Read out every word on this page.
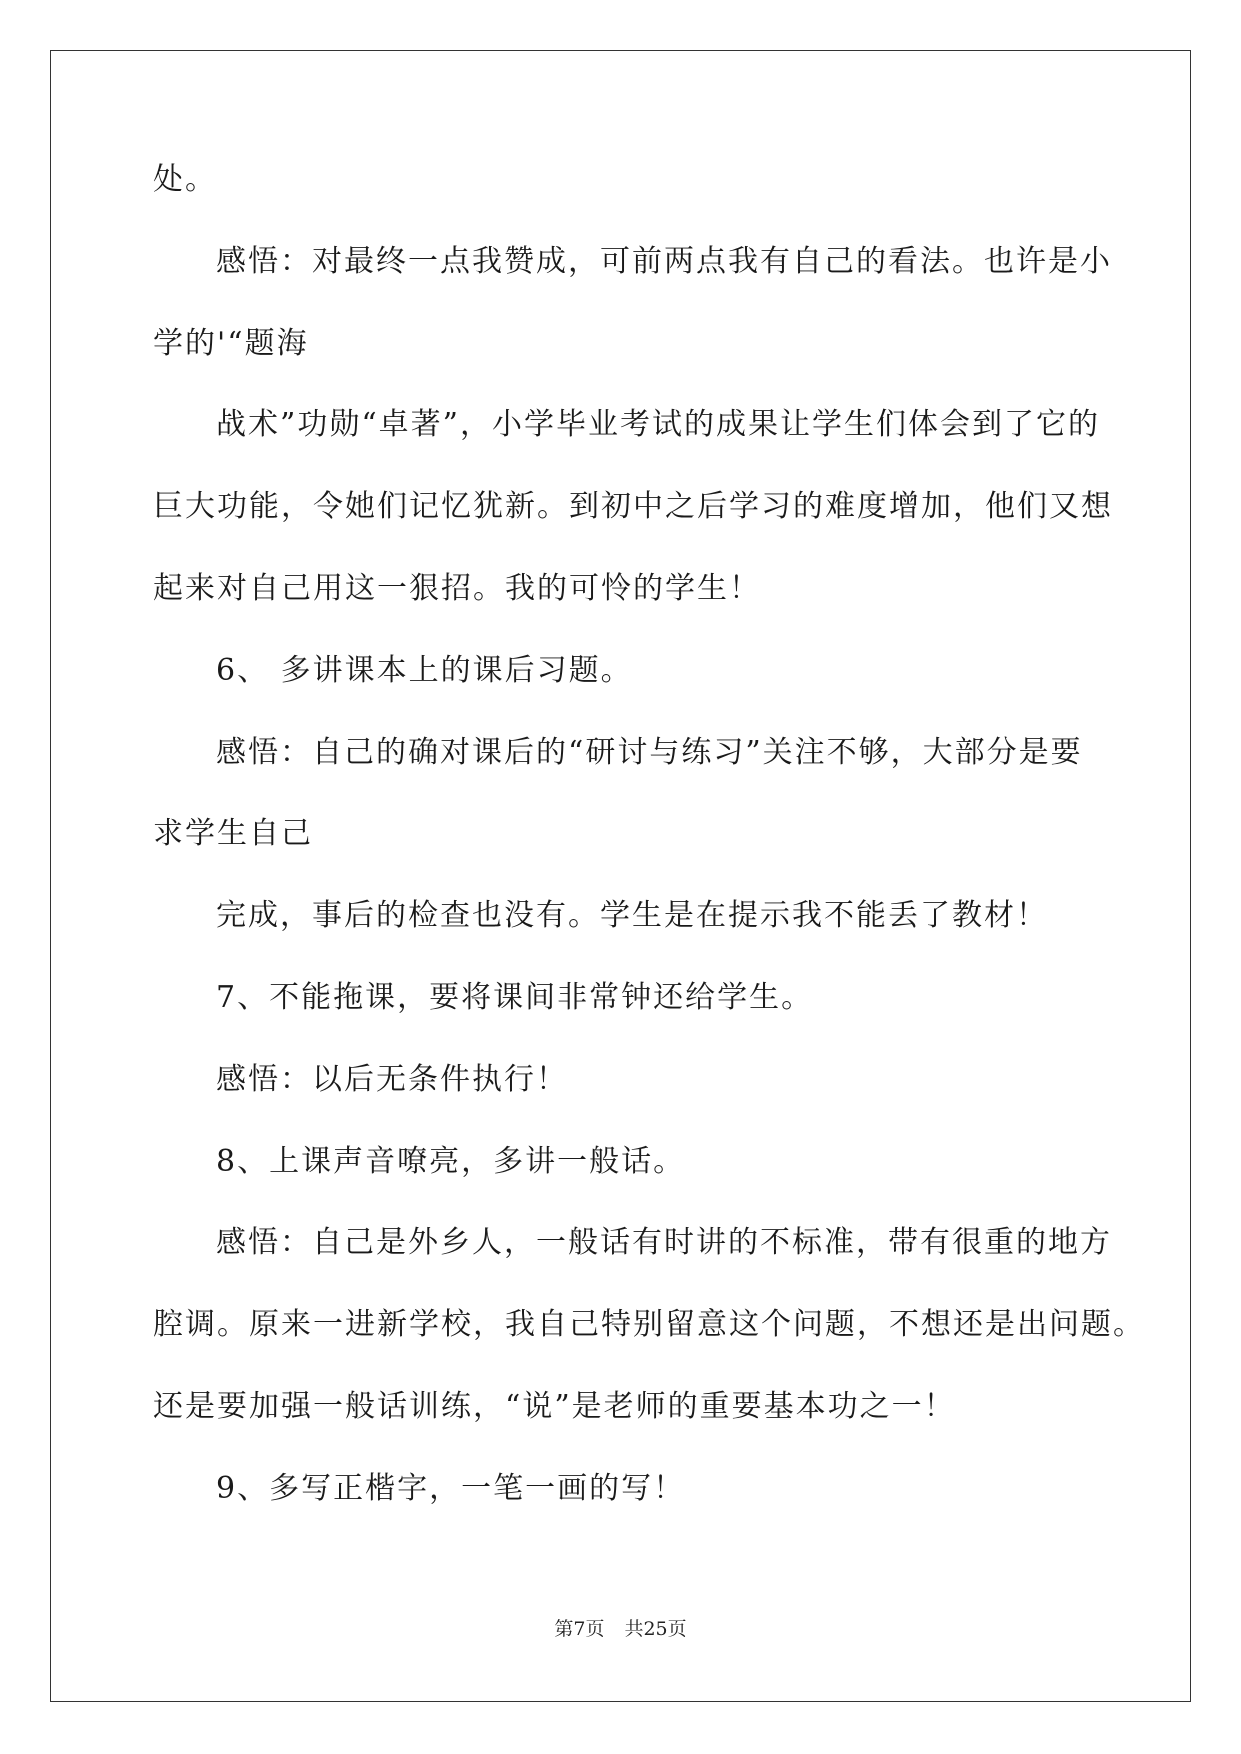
处。

感悟：对最终一点我赞成，可前两点我有自己的看法。也许是小

学的'“题海

战术”功勋“卓著”，小学毕业考试的成果让学生们体会到了它的

巨大功能，令她们记忆犹新。到初中之后学习的难度增加，他们又想

起来对自己用这一狠招。我的可怜的学生！

6、 多讲课本上的课后习题。

感悟：自己的确对课后的“研讨与练习”关注不够，大部分是要

求学生自己

完成，事后的检查也没有。学生是在提示我不能丢了教材！

7、不能拖课，要将课间非常钟还给学生。

感悟：以后无条件执行！

8、上课声音嘹亮，多讲一般话。

感悟：自己是外乡人，一般话有时讲的不标准，带有很重的地方

腔调。原来一进新学校，我自己特别留意这个问题，不想还是出问题。

还是要加强一般话训练，“说”是老师的重要基本功之一！

9、多写正楷字，一笔一画的写！

第7页 共25页
